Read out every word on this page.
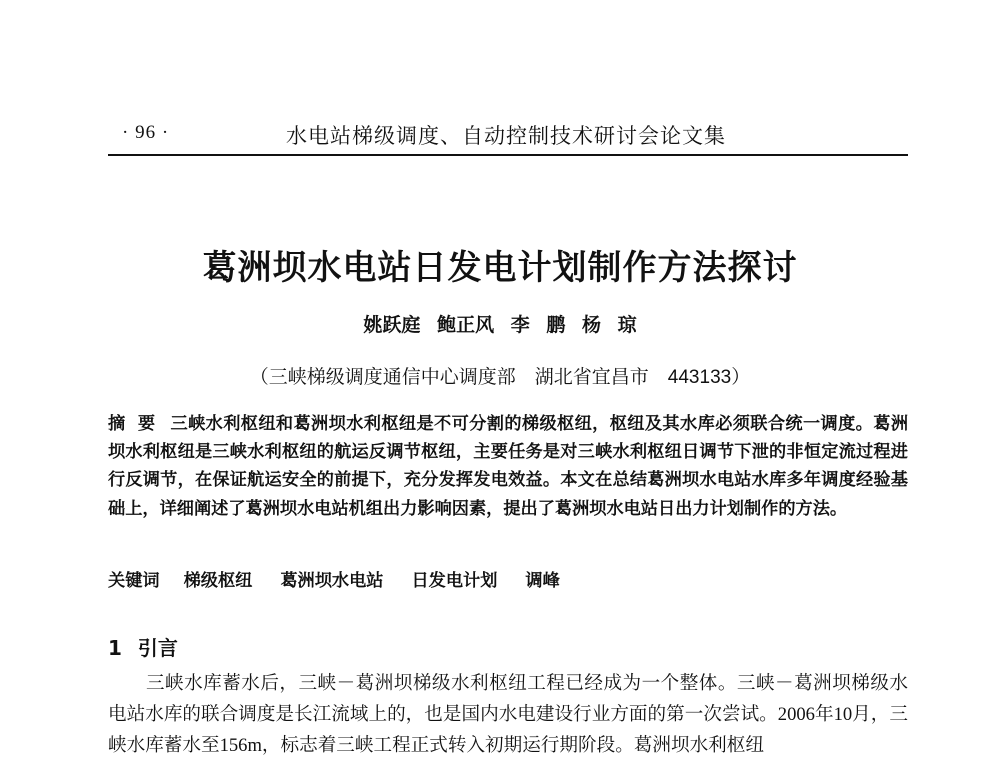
· 96 ·	水电站梯级调度、自动控制技术研讨会论文集
葛洲坝水电站日发电计划制作方法探讨
姚跃庭 鲍正风 李 鹏 杨 琼
（三峡梯级调度通信中心调度部　湖北省宜昌市　443133）
摘 要 三峡水利枢纽和葛洲坝水利枢纽是不可分割的梯级枢纽，枢纽及其水库必须联合统一调度。葛洲坝水利枢纽是三峡水利枢纽的航运反调节枢纽，主要任务是对三峡水利枢纽日调节下泄的非恒定流过程进行反调节，在保证航运安全的前提下，充分发挥发电效益。本文在总结葛洲坝水电站水库多年调度经验基础上，详细阐述了葛洲坝水电站机组出力影响因素，提出了葛洲坝水电站日出力计划制作的方法。
关键词 梯级枢纽 葛洲坝水电站 日发电计划 调峰
1 引言
三峡水库蓄水后，三峡－葛洲坝梯级水利枢纽工程已经成为一个整体。三峡－葛洲坝梯级水电站水库的联合调度是长江流域上的，也是国内水电建设行业方面的第一次尝试。2006年10月，三峡水库蓄水至156m，标志着三峡工程正式转入初期运行期阶段。葛洲坝水利枢纽
